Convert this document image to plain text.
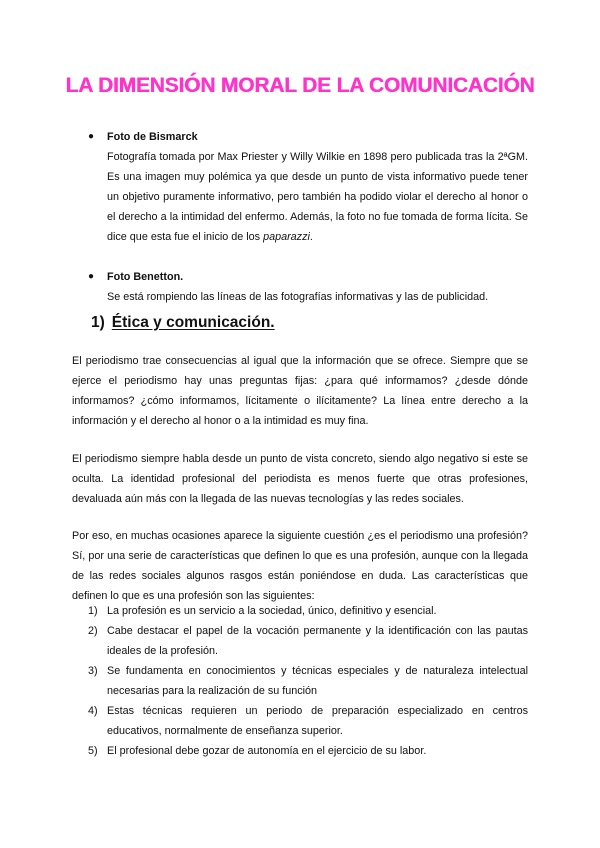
LA DIMENSIÓN MORAL DE LA COMUNICACIÓN
● Foto de Bismarck
Fotografía tomada por Max Priester y Willy Wilkie en 1898 pero publicada tras la 2ªGM. Es una imagen muy polémica ya que desde un punto de vista informativo puede tener un objetivo puramente informativo, pero también ha podido violar el derecho al honor o el derecho a la intimidad del enfermo. Además, la foto no fue tomada de forma lícita. Se dice que esta fue el inicio de los paparazzi.
● Foto Benetton.
Se está rompiendo las líneas de las fotografías informativas y las de publicidad.
1) Ética y comunicación.

El periodismo trae consecuencias al igual que la información que se ofrece. Siempre que se ejerce el periodismo hay unas preguntas fijas: ¿para qué informamos? ¿desde dónde informamos? ¿cómo informamos, lícitamente o ilícitamente? La línea entre derecho a la información y el derecho al honor o a la intimidad es muy fina.

El periodismo siempre habla desde un punto de vista concreto, siendo algo negativo si este se oculta. La identidad profesional del periodista es menos fuerte que otras profesiones, devaluada aún más con la llegada de las nuevas tecnologías y las redes sociales.

Por eso, en muchas ocasiones aparece la siguiente cuestión ¿es el periodismo una profesión? Sí, por una serie de características que definen lo que es una profesión, aunque con la llegada de las redes sociales algunos rasgos están poniéndose en duda. Las características que definen lo que es una profesión son las siguientes:

1) La profesión es un servicio a la sociedad, único, definitivo y esencial.
2) Cabe destacar el papel de la vocación permanente y la identificación con las pautas ideales de la profesión.
3) Se fundamenta en conocimientos y técnicas especiales y de naturaleza intelectual necesarias para la realización de su función
4) Estas técnicas requieren un periodo de preparación especializado en centros educativos, normalmente de enseñanza superior.
5) El profesional debe gozar de autonomía en el ejercicio de su labor.
